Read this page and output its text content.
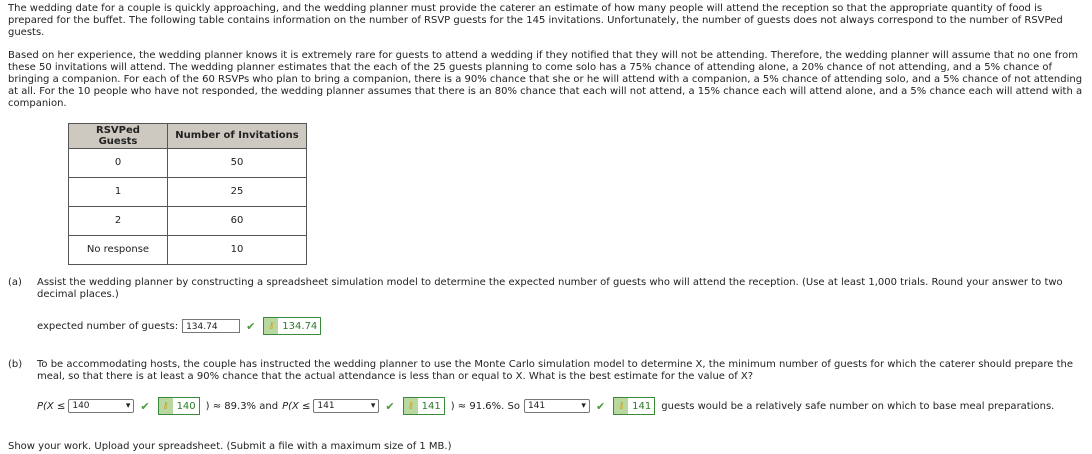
The wedding date for a couple is quickly approaching, and the wedding planner must provide the caterer an estimate of how many people will attend the reception so that the appropriate quantity of food is prepared for the buffet. The following table contains information on the number of RSVP guests for the 145 invitations. Unfortunately, the number of guests does not always correspond to the number of RSVPed guests.

Based on her experience, the wedding planner knows it is extremely rare for guests to attend a wedding if they notified that they will not be attending. Therefore, the wedding planner will assume that no one from these 50 invitations will attend. The wedding planner estimates that the each of the 25 guests planning to come solo has a 75% chance of attending alone, a 20% chance of not attending, and a 5% chance of bringing a companion. For each of the 60 RSVPs who plan to bring a companion, there is a 90% chance that she or he will attend with a companion, a 5% chance of attending solo, and a 5% chance of not attending at all. For the 10 people who have not responded, the wedding planner assumes that there is an 80% chance that each will not attend, a 15% chance each will attend alone, and a 5% chance each will attend with a companion.

RSVPed Guests	Number of Invitations
0	50
1	25
2	60
No response	10
(a)	Assist the wedding planner by constructing a spreadsheet simulation model to determine the expected number of guests who will attend the reception. (Use at least 1,000 trials. Round your answer to two decimal places.)
expected number of guests: 134.74	✔	⚷ 134.74
(b)	To be accommodating hosts, the couple has instructed the wedding planner to use the Monte Carlo simulation model to determine X, the minimum number of guests for which the caterer should prepare the meal, so that there is at least a 90% chance that the actual attendance is less than or equal to X. What is the best estimate for the value of X?
P(X ≤ 140	▾ ✔	⚷ 140	) ≈ 89.3% and P(X ≤ 141	▾ ✔	⚷ 141	) ≈ 91.6%. So 141	▾ ✔	⚷ 141	guests would be a relatively safe number on which to base meal preparations.

Show your work. Upload your spreadsheet. (Submit a file with a maximum size of 1 MB.)
